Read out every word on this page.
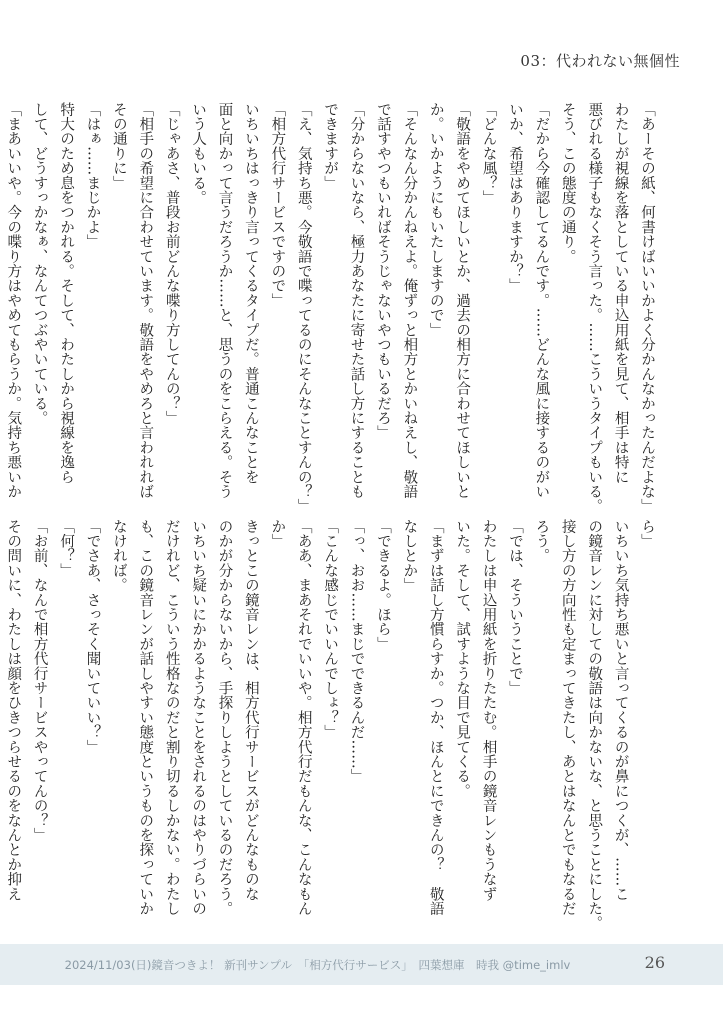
03：代われない無個性
「あーその紙、何書けばいいかよく分かんなかったんだよな」
わたしが視線を落としている申込用紙を見て、相手は特に
悪びれる様子もなくそう言った。……こういうタイプもいる。
そう、この態度の通り。
「だから今確認してるんです。……どんな風に接するのがい
いか、希望はありますか？」
「どんな風？」
「敬語をやめてほしいとか、過去の相方に合わせてほしいと
か。いかようにもいたしますので」
「そんなん分かんねえよ。俺ずっと相方とかいねえし、敬語
で話すやつもいればそうじゃないやつもいるだろ」
「分からないなら、極力あなたに寄せた話し方にすることも
できますが」
「え、気持ち悪。今敬語で喋ってるのにそんなことすんの？」
「相方代行サービスですので」
いちいちはっきり言ってくるタイプだ。普通こんなことを
面と向かって言うだろうか……と、思うのをこらえる。そう
いう人もいる。
「じゃあさ、普段お前どんな喋り方してんの？」
「相手の希望に合わせています。敬語をやめろと言われれば
その通りに」
「はぁ……まじかよ」
特大のため息をつかれる。そして、わたしから視線を逸ら
して、どうすっかなぁ、なんてつぶやいている。
「まあいいや。今の喋り方はやめてもらうか。気持ち悪いか
ら」
いちいち気持ち悪いと言ってくるのが鼻につくが、……こ
の鏡音レンに対しての敬語は向かないな、と思うことにした。
接し方の方向性も定まってきたし、あとはなんとでもなるだ
ろう。
「では、そういうことで」
わたしは申込用紙を折りたたむ。相手の鏡音レンもうなず
いた。そして、試すような目で見てくる。
「まずは話し方慣らすか。つか、ほんとにできんの？　敬語
なしとか」
「できるよ。ほら」
「っ、おお……まじでできるんだ……」
「こんな感じでいいんでしょ？」
「ああ、まあそれでいいや。相方代行だもんな、こんなもん
か」
きっとこの鏡音レンは、相方代行サービスがどんなものな
のかが分からないから、手探りしようとしているのだろう。
いちいち疑いにかかるようなことをされるのはやりづらいの
だけれど、こういう性格なのだと割り切るしかない。わたし
も、この鏡音レンが話しやすい態度というものを探っていか
なければ。
「でさあ、さっそく聞いていい？」
「何？」
「お前、なんで相方代行サービスやってんの？」
その問いに、わたしは顔をひきつらせるのをなんとか抑え
2024/11/03(日)鏡音つきよ！ 新刊サンプル　「相方代行サービス」　四葉想庫　時我 @time_imlv	26
